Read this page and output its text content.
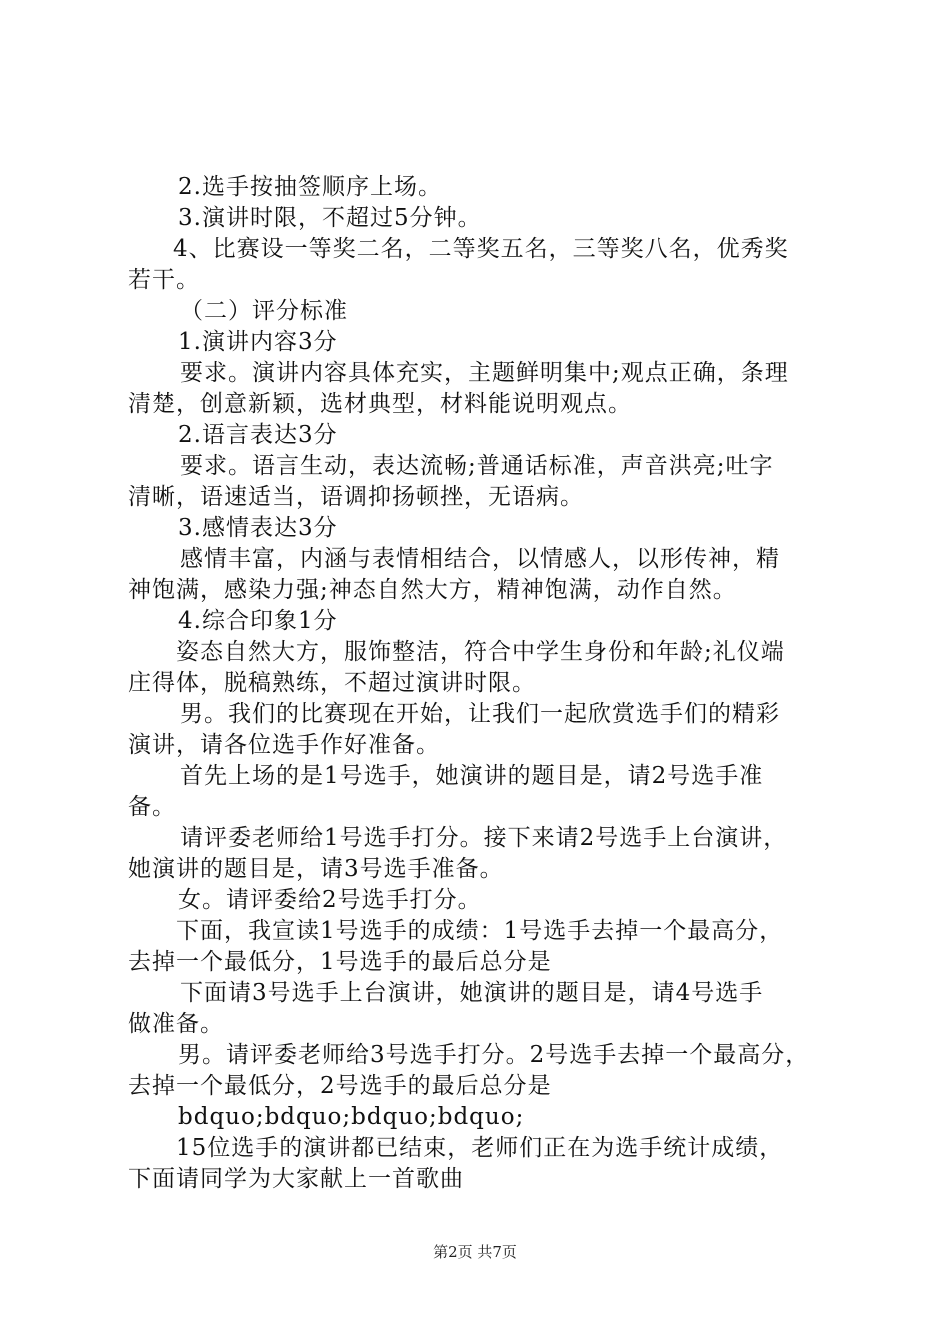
2.选手按抽签顺序上场。
3.演讲时限，不超过5分钟。
4、比赛设一等奖二名，二等奖五名，三等奖八名，优秀奖
若干。
（二）评分标准
1.演讲内容3分
要求。演讲内容具体充实，主题鲜明集中;观点正确，条理
清楚，创意新颖，选材典型，材料能说明观点。
2.语言表达3分
要求。语言生动，表达流畅;普通话标准，声音洪亮;吐字
清晰，语速适当，语调抑扬顿挫，无语病。
3.感情表达3分
感情丰富，内涵与表情相结合，以情感人，以形传神，精
神饱满，感染力强;神态自然大方，精神饱满，动作自然。
4.综合印象1分
姿态自然大方，服饰整洁，符合中学生身份和年龄;礼仪端
庄得体，脱稿熟练，不超过演讲时限。
男。我们的比赛现在开始，让我们一起欣赏选手们的精彩
演讲，请各位选手作好准备。
首先上场的是1号选手，她演讲的题目是，请2号选手准
备。
请评委老师给1号选手打分。接下来请2号选手上台演讲，
她演讲的题目是，请3号选手准备。
女。请评委给2号选手打分。
下面，我宣读1号选手的成绩：1号选手去掉一个最高分，
去掉一个最低分，1号选手的最后总分是
下面请3号选手上台演讲，她演讲的题目是，请4号选手
做准备。
男。请评委老师给3号选手打分。2号选手去掉一个最高分，
去掉一个最低分，2号选手的最后总分是
bdquo;bdquo;bdquo;bdquo;
15位选手的演讲都已结束，老师们正在为选手统计成绩，
下面请同学为大家献上一首歌曲
第2页 共7页
